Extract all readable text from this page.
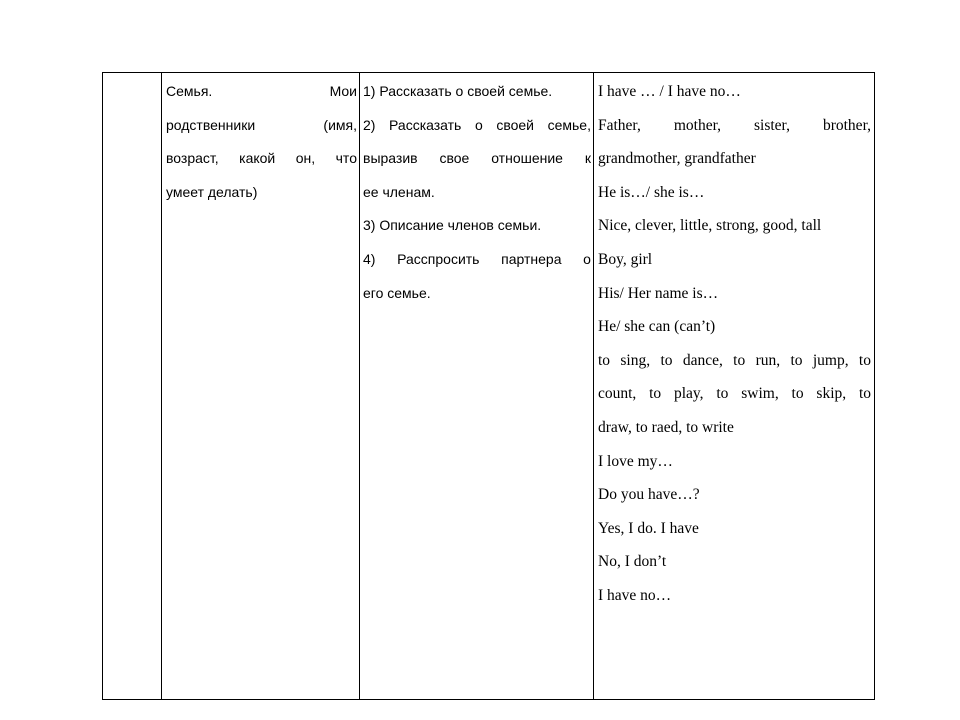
Семья.	Мои
родственники	(имя,
возраст, какой он, что
умеет делать)
1) Рассказать о своей семье.
2) Рассказать о своей семье,
выразив свое отношение к
ее членам.
3) Описание членов семьи.
4) Расспросить партнера о
его семье.
I have … / I have no…
Father, mother, sister, brother,
grandmother, grandfather
He is…/ she is…
Nice, clever, little, strong, good, tall
Boy, girl
His/ Her name is…
He/ she can (can’t)
to sing, to dance, to run, to jump, to
count, to play, to swim, to skip, to
draw, to raed, to write
I love my…
Do you have…?
Yes, I do. I have
No, I don’t
I have no…
